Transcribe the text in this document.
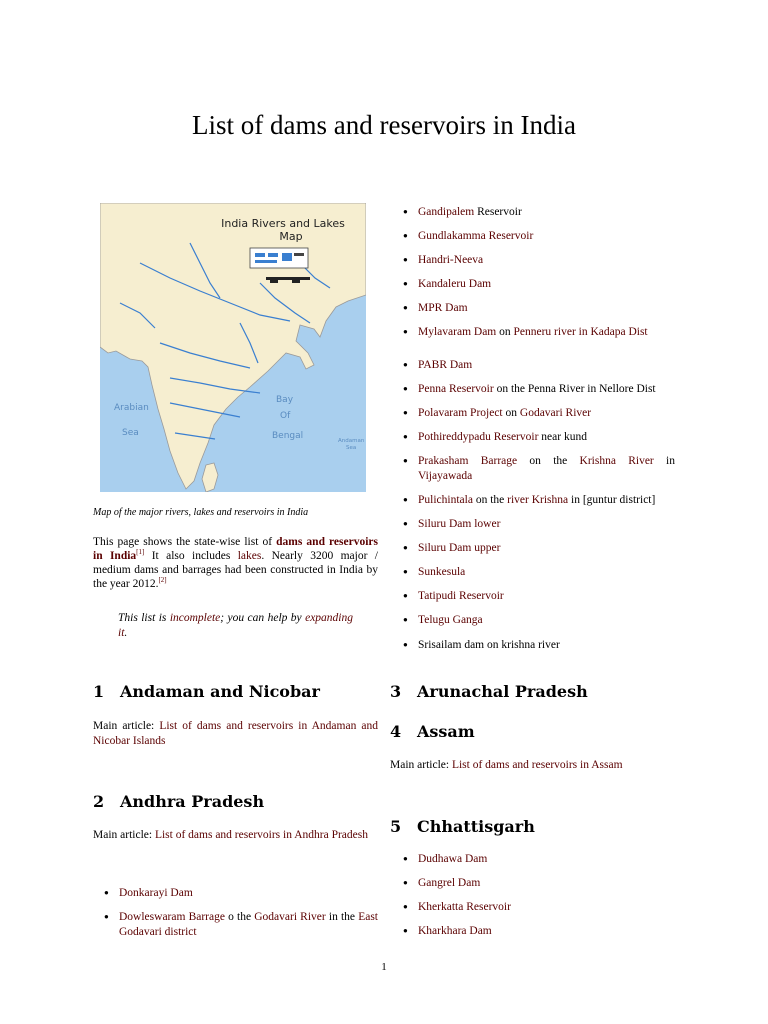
List of dams and reservoirs in India
India Rivers and Lakes
Map
Arabian
Sea
Bay
Of
Bengal	Andaman
Sea
Map of the major rivers, lakes and reservoirs in India

This page shows the state-wise list of dams and reservoirs in India[1] It also includes lakes. Nearly 3200 major / medium dams and barrages had been constructed in India by the year 2012.[2]

This list is incomplete; you can help by expanding it.
1 Andaman and Nicobar
Main article: List of dams and reservoirs in Andaman and Nicobar Islands
2 Andhra Pradesh
Main article: List of dams and reservoirs in Andhra Pradesh
● Donkarayi Dam
● Dowleswaram Barrage o the Godavari River in the East Godavari district
● Gandipalem Reservoir
● Gundlakamma Reservoir
● Handri-Neeva
● Kandaleru Dam
● MPR Dam
● Mylavaram Dam on Penneru river in Kadapa Dist
● PABR Dam
● Penna Reservoir on the Penna River in Nellore Dist
● Polavaram Project on Godavari River
● Pothireddypadu Reservoir near kund
● Prakasham Barrage on the Krishna River in Vijayawada
● Pulichintala on the river Krishna in [guntur district]
● Siluru Dam lower
● Siluru Dam upper
● Sunkesula
● Tatipudi Reservoir
● Telugu Ganga
● Srisailam dam on krishna river
3 Arunachal Pradesh
4 Assam
Main article: List of dams and reservoirs in Assam
5 Chhattisgarh
● Dudhawa Dam
● Gangrel Dam
● Kherkatta Reservoir
● Kharkhara Dam
1
